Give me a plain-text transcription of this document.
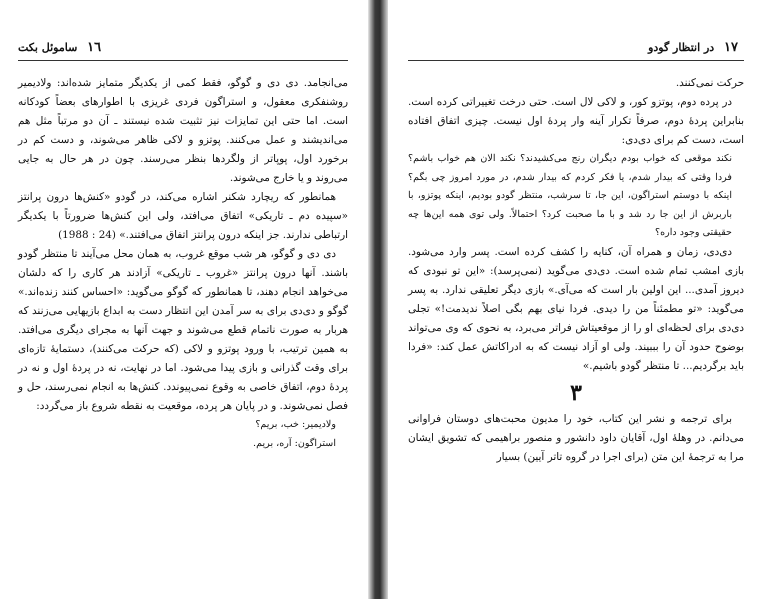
١٦ ساموئل بکت

می‌انجامد. دی دی و گوگو، فقط کمی از یکدیگر متمایز شده‌اند: ولادیمیر روشنفکری معقول، و استراگون فردی غریزی با اطوارهای بعضاً کودکانه است. اما حتی این تمایزات نیز تثبیت شده نیستند ـ آن دو مرتباً مثل هم می‌اندیشند و عمل می‌کنند. پوتزو و لاکی ظاهر می‌شوند، و دست کم در برخورد اول، پوپاتر از ولگردها بنظر می‌رسند. چون در هر حال به جایی می‌روند و یا خارج می‌شوند.

همانطور که ریچارد شکنر اشاره می‌کند، در گودو «کنش‌ها درون پرانتز «سپیده دم ـ تاریکی» اتفاق می‌افتد، ولی این کنش‌ها ضرورتاً با یکدیگر ارتباطی ندارند. جز اینکه درون پرانتز اتفاق می‌افتند.» (24 : 1988)

دی دی و گوگو، هر شب موقع غروب، به همان محل می‌آیند تا منتظر گودو باشند. آنها درون پرانتز «غروب ـ تاریکی» آزادند هر کاری را که دلشان می‌خواهد انجام دهند، تا همانطور که گوگو می‌گوید: «احساس کنند زنده‌اند.» گوگو و دی‌دی برای به سر آمدن این انتظار دست به ابداع بازیهایی می‌زنند که هربار به صورت ناتمام قطع می‌شوند و جهت آنها به مجرای دیگری می‌افتد. به همین ترتیب، با ورود پوتزو و لاکی (که حرکت می‌کنند)، دستمایهٔ تازه‌ای برای وقت گذرانی و بازی پیدا می‌شود. اما در نهایت، نه در پردهٔ اول و نه در پردهٔ دوم، اتفاق خاصی به وقوع نمی‌پیوندد. کنش‌ها به انجام نمی‌رسند، حل و فصل نمی‌شوند. و در پایان هر پرده، موقعیت به نقطه شروع باز می‌گردد:

ولادیمیر: خب، بریم؟

استراگون: آره، بریم.

١٧ در انتظار گودو

حرکت نمی‌کنند.

در پرده دوم، پوتزو کور، و لاکی لال است. حتی درخت تغییراتی کرده است. بنابراین پردهٔ دوم، صرفاً تکرار آینه وار پردهٔ اول نیست. چیزی اتفاق افتاده است، دست کم برای دی‌دی:

نکند موقعی که خواب بودم دیگران رنج می‌کشیدند؟ نکند الان هم خواب باشم؟ فردا وقتی که بیدار شدم، یا فکر کردم که بیدار شدم، در مورد امروز چی بگم؟ اینکه با دوستم استراگون، این جا، تا سرشب، منتظر گودو بودیم، اینکه پوتزو، با باربرش از این جا رد شد و با ما صحبت کرد؟ احتمالاً. ولی توی همه این‌ها چه حقیقتی وجود داره؟

دی‌دی، زمان و همراه آن، کنایه را کشف کرده است. پسر وارد می‌شود. بازی امشب تمام شده است. دی‌دی می‌گوید (نمی‌پرسد): «این تو نبودی که دیروز آمدی... این اولین بار است که می‌آی.» بازی دیگر تعلیقی ندارد. به پسر می‌گوید: «تو مطمئناً من را دیدی. فردا نیای بهم بگی اصلاً ندیدمت!» تجلی دی‌دی برای لحظه‌ای او را از موقعیتاش فراتر می‌برد، به نحوی که وی می‌تواند بوضوح حدود آن را بببیند. ولی او آزاد نیست که به ادراکاتش عمل کند: «فردا باید برگردیم... تا منتظر گودو باشیم.»

۳

برای ترجمه و نشر این کتاب، خود را مدیون محبت‌های دوستان فراوانی می‌دانم. در وهلهٔ اول، آقایان داود دانشور و منصور براهیمی که تشویق ایشان مرا به ترجمهٔ این متن (برای اجرا در گروه تاتر آیین) بسیار
